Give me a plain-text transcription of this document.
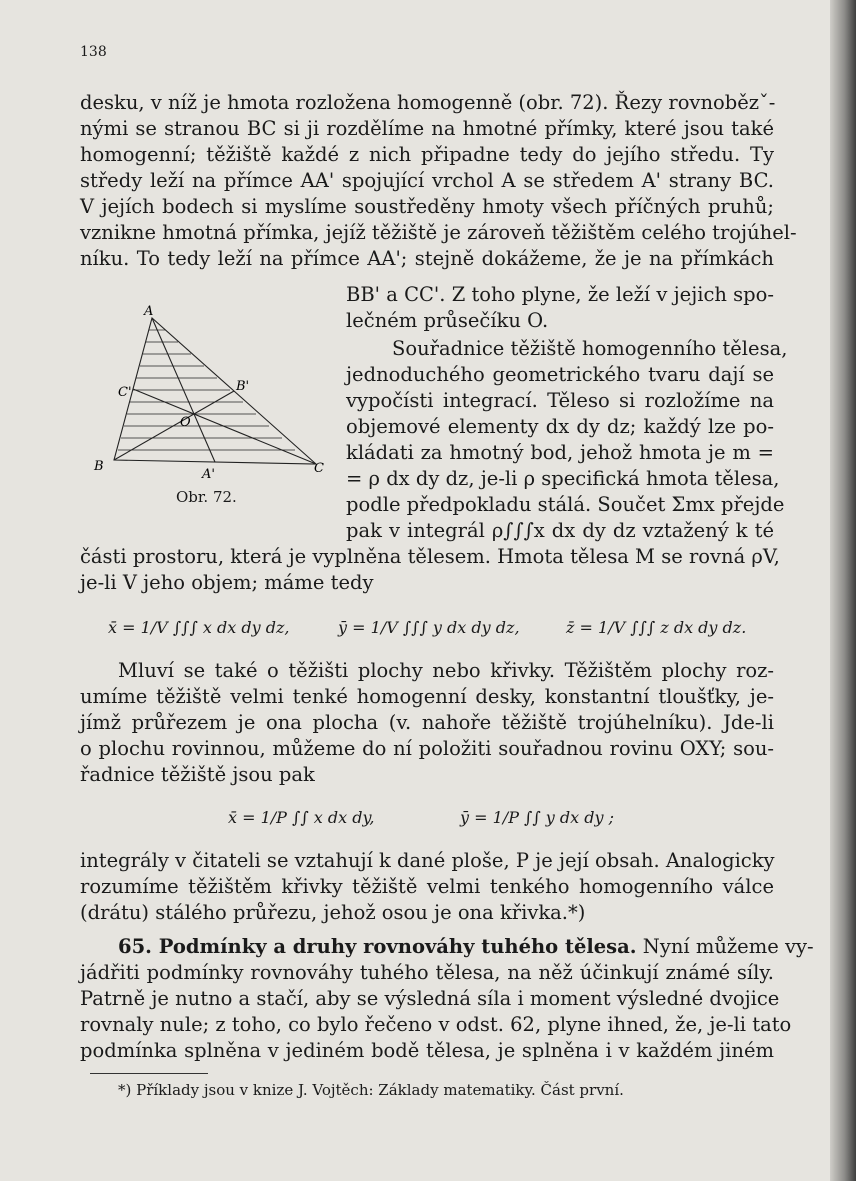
138
desku, v níž je hmota rozložena homogenně (obr. 72). Řezy rovnobězˇ-
nými se stranou BC si ji rozdělíme na hmotné přímky, které jsou také
homogenní; těžiště každé z nich připadne tedy do jejího středu. Ty
středy leží na přímce AA' spojující vrchol A se středem A' strany BC.
V jejích bodech si myslíme soustředěny hmoty všech příčných pruhů;
vznikne hmotná přímka, jejíž těžiště je zároveň těžištěm celého trojúhel-
níku. To tedy leží na přímce AA'; stejně dokážeme, že je na přímkách
BB' a CC'. Z toho plyne, že leží v jejich spo-
lečném průsečíku O.
Souřadnice těžiště homogenního tělesa,
jednoduchého geometrického tvaru dají se
vypočísti integrací. Těleso si rozložíme na
objemové elementy dx dy dz; každý lze po-
kládati za hmotný bod, jehož hmota je m =
= ρ dx dy dz, je-li ρ specifická hmota tělesa,
podle předpokladu stálá. Součet Σmx přejde
pak v integrál ρ∫∫∫x dx dy dz vztažený k té
A
B	C
A'
B'
C'
O
Obr. 72.
části prostoru, která je vyplněna tělesem. Hmota tělesa M se rovná ρV,
je-li V jeho objem; máme tedy
x̄ = 1/V ∫∫∫ x dx dy dz,	ȳ = 1/V ∫∫∫ y dx dy dz,	z̄ = 1/V ∫∫∫ z dx dy dz.
Mluví se také o těžišti plochy nebo křivky. Těžištěm plochy roz-
umíme těžiště velmi tenké homogenní desky, konstantní tloušťky, je-
jímž průřezem je ona plocha (v. nahoře těžiště trojúhelníku). Jde-li
o plochu rovinnou, můžeme do ní položiti souřadnou rovinu OXY; sou-
řadnice těžiště jsou pak
x̄ = 1/P ∫∫ x dx dy,	ȳ = 1/P ∫∫ y dx dy ;
integrály v čitateli se vztahují k dané ploše, P je její obsah. Analogicky
rozumíme těžištěm křivky těžiště velmi tenkého homogenního válce
(drátu) stálého průřezu, jehož osou je ona křivka.*)
65. Podmínky a druhy rovnováhy tuhého tělesa. Nyní můžeme vy-
jádřiti podmínky rovnováhy tuhého tělesa, na něž účinkují známé síly.
Patrně je nutno a stačí, aby se výsledná síla i moment výsledné dvojice
rovnaly nule; z toho, co bylo řečeno v odst. 62, plyne ihned, že, je-li tato
podmínka splněna v jediném bodě tělesa, je splněna i v každém jiném
*) Příklady jsou v knize J. Vojtěch: Základy matematiky. Část první.
